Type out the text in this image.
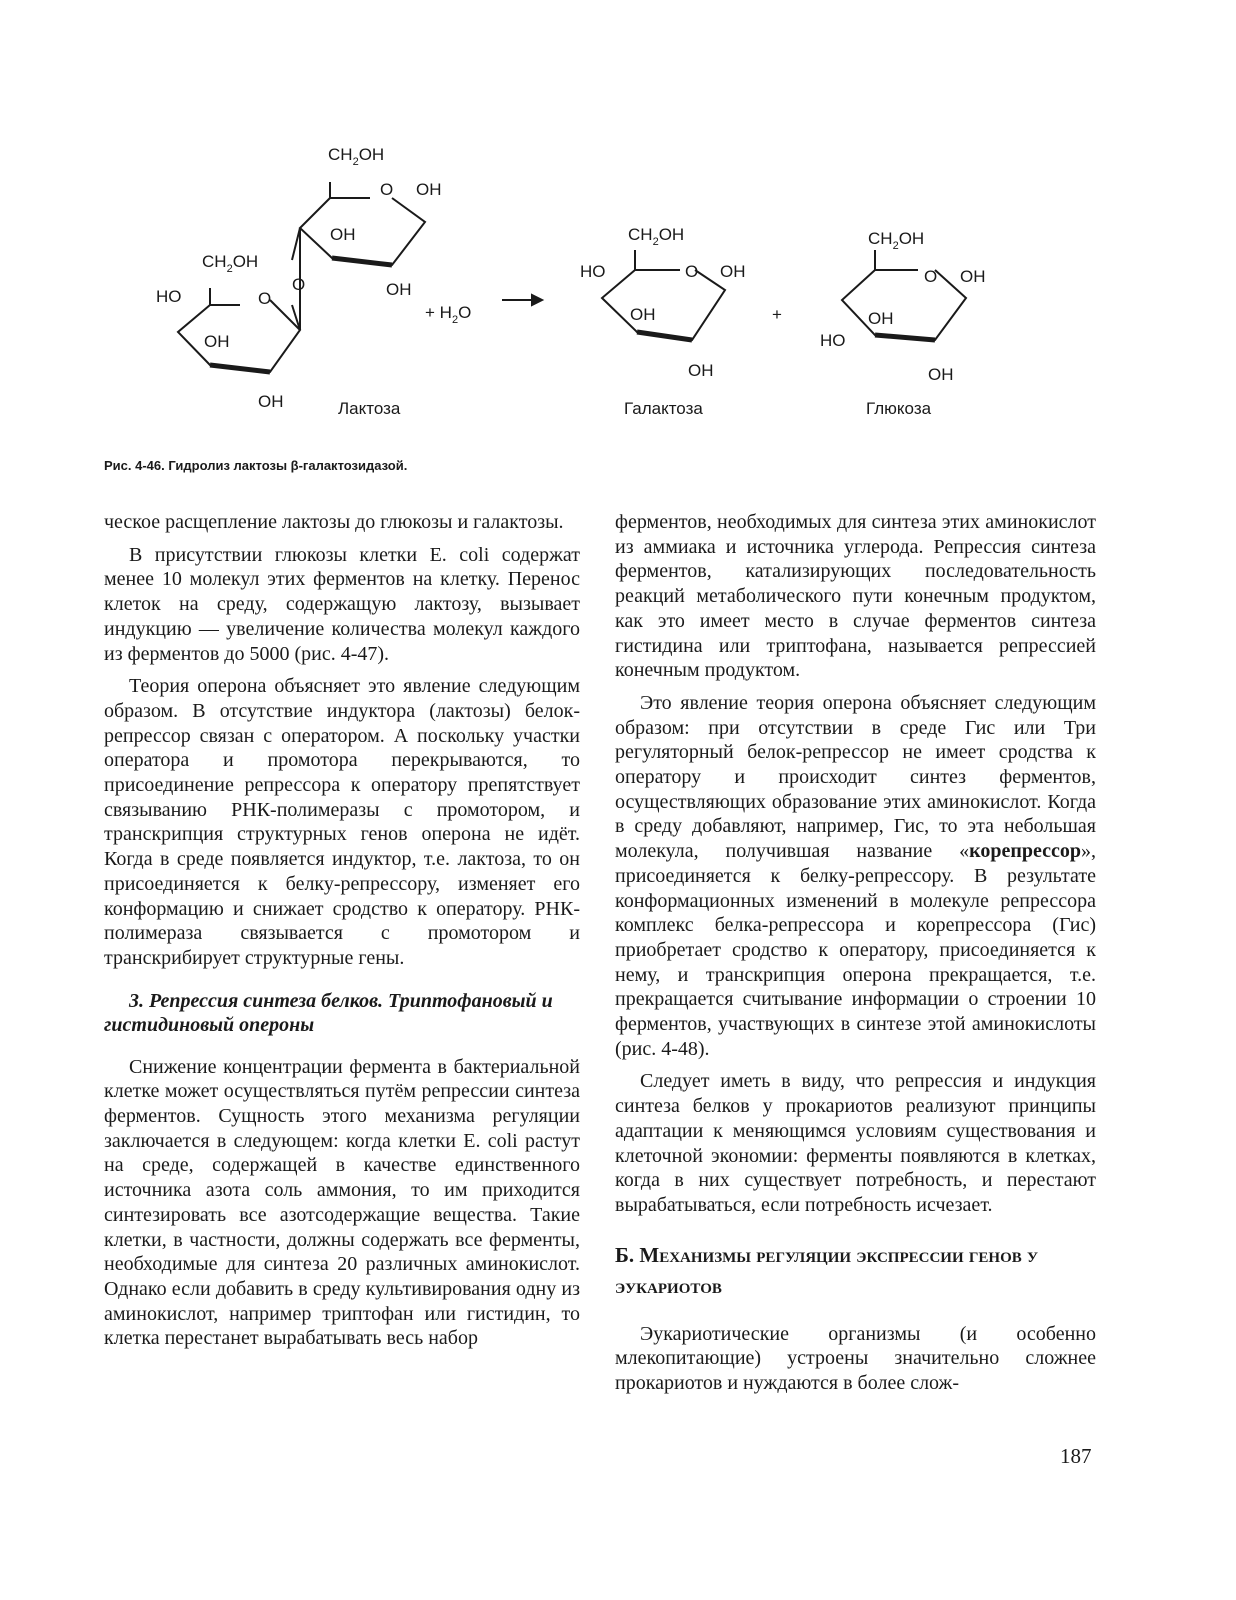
$CH_2OH$
O OH
OH
OH
O
$CH_2OH$
HO	O
OH
OH	Лактоза
+ $H_2O$
$CH_2OH$
HO	O OH
OH
OH
Галактоза
+
$CH_2OH$
O OH
OH
HO
OH
Глюкоза
Рис. 4-46. Гидролиз лактозы β-галактозидазой.

ческое расщепление лактозы до глюкозы и галактозы.

В присутствии глюкозы клетки E. coli содержат менее 10 молекул этих ферментов на клетку. Перенос клеток на среду, содержащую лактозу, вызывает индукцию — увеличение количества молекул каждого из ферментов до 5000 (рис. 4-47).

Теория оперона объясняет это явление следующим образом. В отсутствие индуктора (лактозы) белок-репрессор связан с оператором. А поскольку участки оператора и промотора перекрываются, то присоединение репрессора к оператору препятствует связыванию РНК-полимеразы с промотором, и транскрипция структурных генов оперона не идёт. Когда в среде появляется индуктор, т.е. лактоза, то он присоединяется к белку-репрессору, изменяет его конформацию и снижает сродство к оператору. РНК-полимераза связывается с промотором и транскрибирует структурные гены.

3. Репрессия синтеза белков. Триптофановый и гистидиновый опероны

Снижение концентрации фермента в бактериальной клетке может осуществляться путём репрессии синтеза ферментов. Сущность этого механизма регуляции заключается в следующем: когда клетки E. coli растут на среде, содержащей в качестве единственного источника азота соль аммония, то им приходится синтезировать все азотсодержащие вещества. Такие клетки, в частности, должны содержать все ферменты, необходимые для синтеза 20 различных аминокислот. Однако если добавить в среду культивирования одну из аминокислот, например триптофан или гистидин, то клетка перестанет вырабатывать весь набор

ферментов, необходимых для синтеза этих аминокислот из аммиака и источника углерода. Репрессия синтеза ферментов, катализирующих последовательность реакций метаболического пути конечным продуктом, как это имеет место в случае ферментов синтеза гистидина или триптофана, называется репрессией конечным продуктом.

Это явление теория оперона объясняет следующим образом: при отсутствии в среде Гис или Три регуляторный белок-репрессор не имеет сродства к оператору и происходит синтез ферментов, осуществляющих образование этих аминокислот. Когда в среду добавляют, например, Гис, то эта небольшая молекула, получившая название «корепрессор», присоединяется к белку-репрессору. В результате конформационных изменений в молекуле репрессора комплекс белка-репрессора и корепрессора (Гис) приобретает сродство к оператору, присоединяется к нему, и транскрипция оперона прекращается, т.е. прекращается считывание информации о строении 10 ферментов, участвующих в синтезе этой аминокислоты (рис. 4-48).

Следует иметь в виду, что репрессия и индукция синтеза белков у прокариотов реализуют принципы адаптации к меняющимся условиям существования и клеточной экономии: ферменты появляются в клетках, когда в них существует потребность, и перестают вырабатываться, если потребность исчезает.

Б. Механизмы регуляции экспрессии генов у эукариотов

Эукариотические организмы (и особенно млекопитающие) устроены значительно сложнее прокариотов и нуждаются в более слож-

187
